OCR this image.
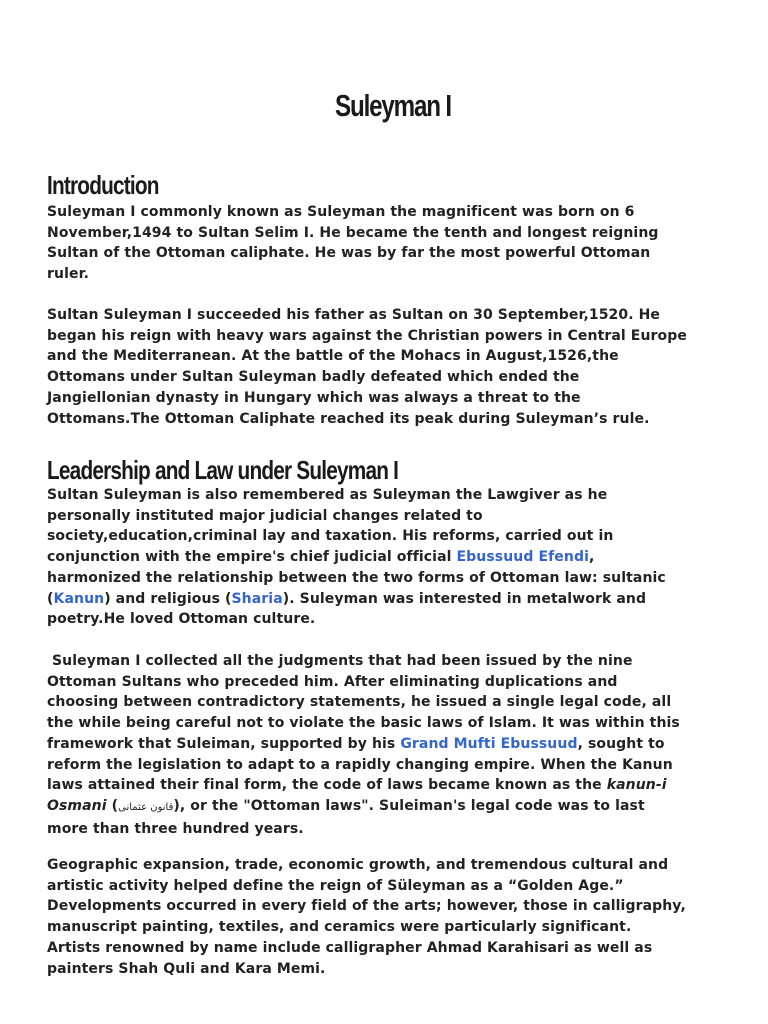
Suleyman I
Introduction

Suleyman I commonly known as Suleyman the magnificent was born on 6
November,1494 to Sultan Selim I. He became the tenth and longest reigning
Sultan of the Ottoman caliphate. He was by far the most powerful Ottoman
ruler.

Sultan Suleyman I succeeded his father as Sultan on 30 September,1520. He
began his reign with heavy wars against the Christian powers in Central Europe
and the Mediterranean. At the battle of the Mohacs in August,1526,the
Ottomans under Sultan Suleyman badly defeated which ended the
Jangiellonian dynasty in Hungary which was always a threat to the
Ottomans.The Ottoman Caliphate reached its peak during Suleyman’s rule.

Leadership and Law under Suleyman I

Sultan Suleyman is also remembered as Suleyman the Lawgiver as he
personally instituted major judicial changes related to
society,education,criminal lay and taxation. His reforms, carried out in
conjunction with the empire's chief judicial official Ebussuud Efendi,
harmonized the relationship between the two forms of Ottoman law: sultanic
(Kanun) and religious (Sharia). Suleyman was interested in metalwork and
poetry.He loved Ottoman culture.

Suleyman I collected all the judgments that had been issued by the nine
Ottoman Sultans who preceded him. After eliminating duplications and
choosing between contradictory statements, he issued a single legal code, all
the while being careful not to violate the basic laws of Islam. It was within this
framework that Suleiman, supported by his Grand Mufti Ebussuud, sought to
reform the legislation to adapt to a rapidly changing empire. When the Kanun
laws attained their final form, the code of laws became known as the kanun‐i
Osmani (قانون عثمانی), or the "Ottoman laws". Suleiman's legal code was to last
more than three hundred years.

Geographic expansion, trade, economic growth, and tremendous cultural and
artistic activity helped define the reign of Süleyman as a “Golden Age.”
Developments occurred in every field of the arts; however, those in calligraphy,
manuscript painting, textiles, and ceramics were particularly significant.
Artists renowned by name include calligrapher Ahmad Karahisari as well as
painters Shah Quli and Kara Memi.
